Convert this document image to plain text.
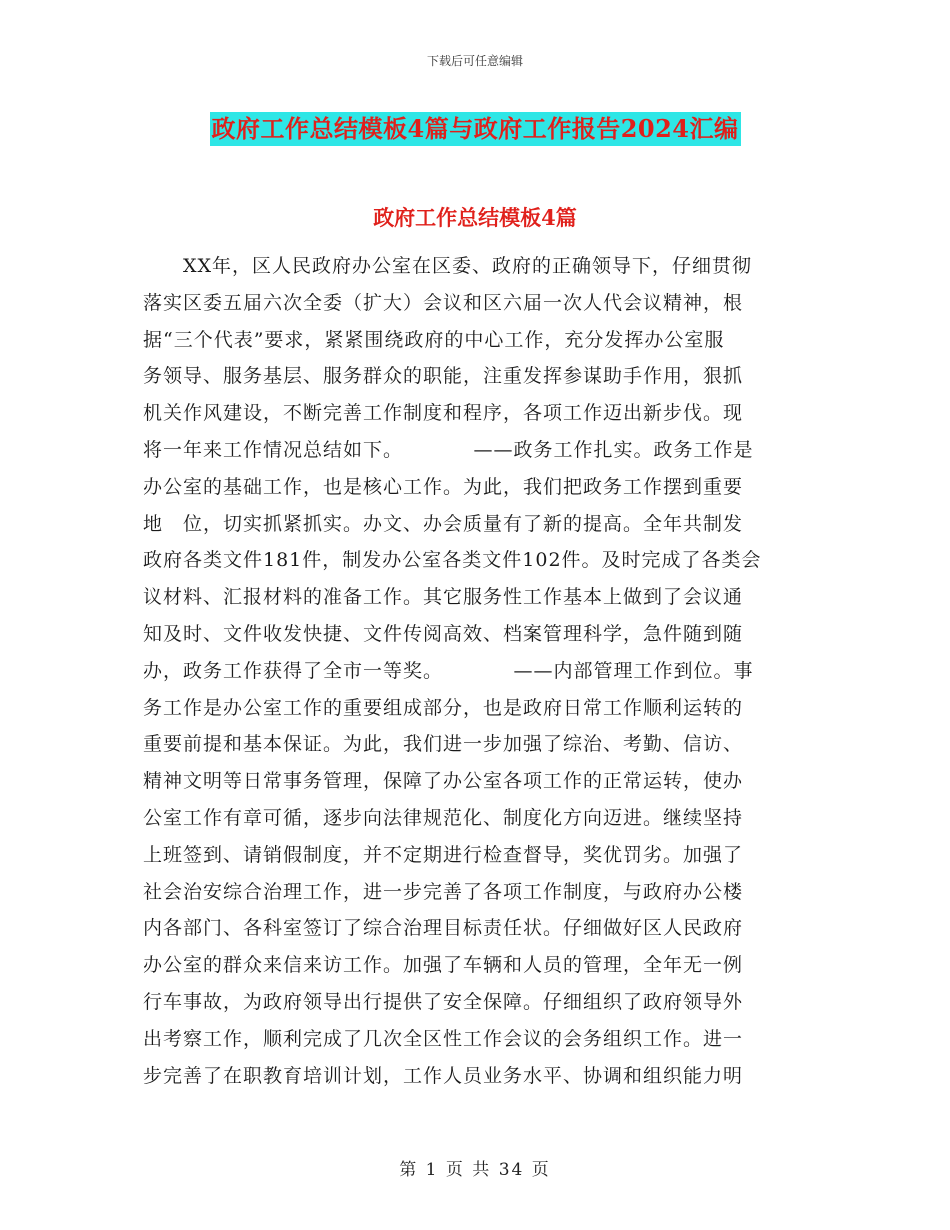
下载后可任意编辑
政府工作总结模板4篇与政府工作报告2024汇编
政府工作总结模板4篇
　　XX年，区人民政府办公室在区委、政府的正确领导下，仔细贯彻
落实区委五届六次全委（扩大）会议和区六届一次人代会议精神，根
据“三个代表”要求，紧紧围绕政府的中心工作，充分发挥办公室服
务领导、服务基层、服务群众的职能，注重发挥参谋助手作用，狠抓
机关作风建设，不断完善工作制度和程序，各项工作迈出新步伐。现
将一年来工作情况总结如下。　　　　——政务工作扎实。政务工作是
办公室的基础工作，也是核心工作。为此，我们把政务工作摆到重要
地　位，切实抓紧抓实。办文、办会质量有了新的提高。全年共制发
政府各类文件181件，制发办公室各类文件102件。及时完成了各类会
议材料、汇报材料的准备工作。其它服务性工作基本上做到了会议通
知及时、文件收发快捷、文件传阅高效、档案管理科学，急件随到随
办，政务工作获得了全市一等奖。　　　　——内部管理工作到位。事
务工作是办公室工作的重要组成部分，也是政府日常工作顺利运转的
重要前提和基本保证。为此，我们进一步加强了综治、考勤、信访、
精神文明等日常事务管理，保障了办公室各项工作的正常运转，使办
公室工作有章可循，逐步向法律规范化、制度化方向迈进。继续坚持
上班签到、请销假制度，并不定期进行检查督导，奖优罚劣。加强了
社会治安综合治理工作，进一步完善了各项工作制度，与政府办公楼
内各部门、各科室签订了综合治理目标责任状。仔细做好区人民政府
办公室的群众来信来访工作。加强了车辆和人员的管理，全年无一例
行车事故，为政府领导出行提供了安全保障。仔细组织了政府领导外
出考察工作，顺利完成了几次全区性工作会议的会务组织工作。进一
步完善了在职教育培训计划，工作人员业务水平、协调和组织能力明
第 1 页 共 34 页
